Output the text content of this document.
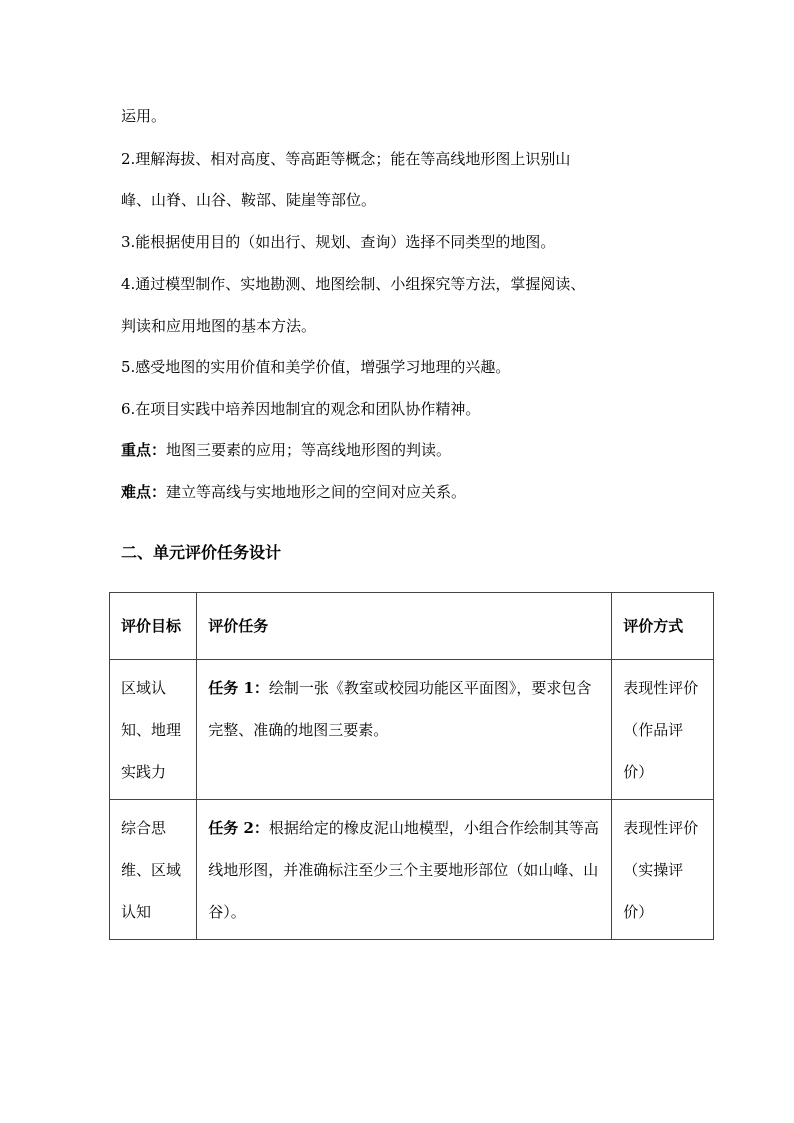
运用。

2.理解海拔、相对高度、等高距等概念；能在等高线地形图上识别山

峰、山脊、山谷、鞍部、陡崖等部位。

3.能根据使用目的（如出行、规划、查询）选择不同类型的地图。

4.通过模型制作、实地勘测、地图绘制、小组探究等方法，掌握阅读、

判读和应用地图的基本方法。

5.感受地图的实用价值和美学价值，增强学习地理的兴趣。

6.在项目实践中培养因地制宜的观念和团队协作精神。

重点：地图三要素的应用；等高线地形图的判读。

难点：建立等高线与实地地形之间的空间对应关系。

二、单元评价任务设计
评价目标	评价任务	评价方式
区域认知、地理实践力	任务 1：绘制一张《教室或校园功能区平面图》，要求包含完整、准确的地图三要素。	表现性评价（作品评价）
综合思维、区域认知	任务 2：根据给定的橡皮泥山地模型，小组合作绘制其等高线地形图，并准确标注至少三个主要地形部位（如山峰、山谷）。	表现性评价（实操评价）
